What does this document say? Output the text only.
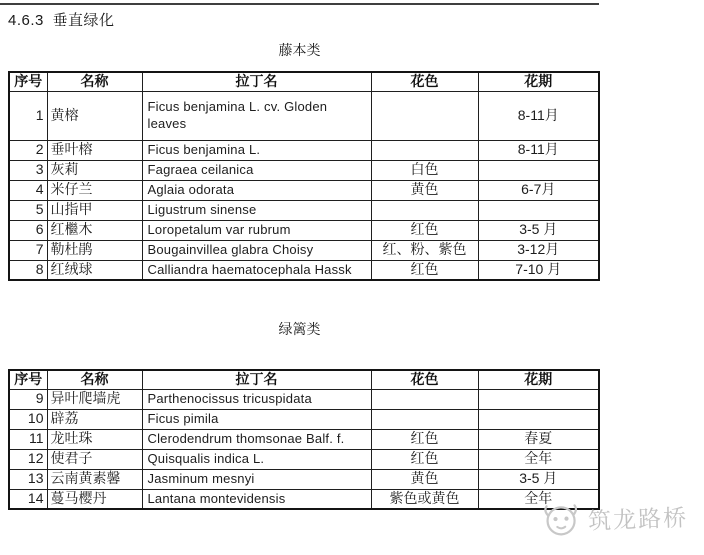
4.6.3 垂直绿化
藤本类
序号	名称	拉丁名	花色	花期
1	黄榕	Ficus benjamina L. cv. Gloden leaves		8-11月
2	垂叶榕	Ficus benjamina L.		8-11月
3	灰莉	Fagraea ceilanica	白色	
4	米仔兰	Aglaia odorata	黄色	6-7月
5	山指甲	Ligustrum sinense		
6	红檵木	Loropetalum var rubrum	红色	3-5 月
7	勒杜鹃	Bougainvillea glabra Choisy	红、粉、紫色	3-12月
8	红绒球	Calliandra haematocephala Hassk	红色	7-10 月
绿篱类
序号	名称	拉丁名	花色	花期
9	异叶爬墙虎	Parthenocissus tricuspidata		
10	辟荔	Ficus pimila		
11	龙吐珠	Clerodendrum thomsonae Balf. f.	红色	春夏
12	使君子	Quisqualis indica L.	红色	全年
13	云南黄素馨	Jasminum mesnyi	黄色	3-5 月
14	蔓马樱丹	Lantana montevidensis	紫色或黄色	全年
筑龙路桥
